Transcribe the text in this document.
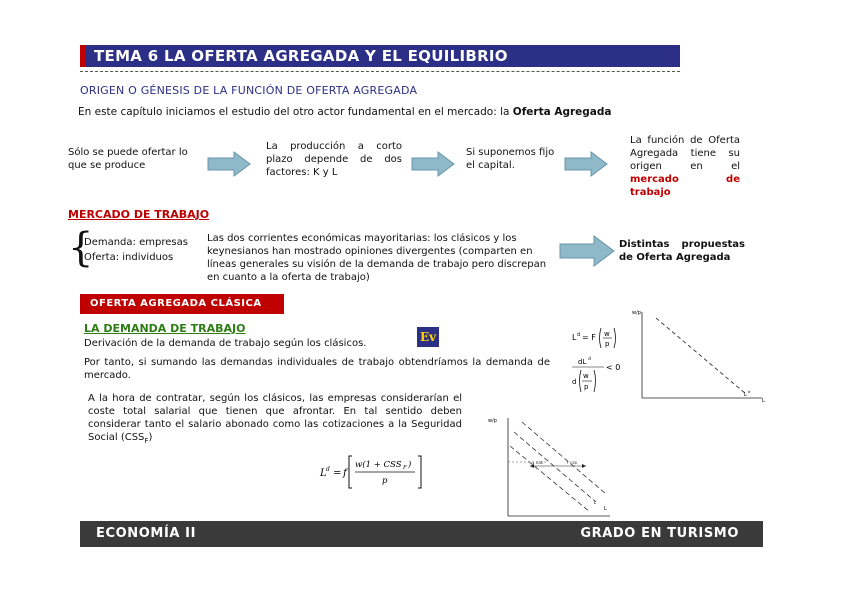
TEMA 6 LA OFERTA AGREGADA Y EL EQUILIBRIO MACROECONÓMICO
ORIGEN O GÉNESIS DE LA FUNCIÓN DE OFERTA AGREGADA
En este capítulo iniciamos el estudio del otro actor fundamental en el mercado: la Oferta Agregada
Sólo se puede ofertar lo que se produce
La producción a corto plazo depende de dos factores: K y L
Si suponemos fijo el capital.
La función de Oferta Agregada tiene su origen en el mercado de trabajo
MERCADO DE TRABAJO
{
Demanda: empresas
Oferta: individuos
Las dos corrientes económicas mayoritarias: los clásicos y los keynesianos han mostrado opiniones divergentes (comparten en líneas generales su visión de la demanda de trabajo pero discrepan en cuanto a la oferta de trabajo)
Distintas propuestas de Oferta Agregada
OFERTA AGREGADA CLÁSICA
LA DEMANDA DE TRABAJO
Derivación de la demanda de trabajo según los clásicos.	Ev
Por tanto, si sumando las demandas individuales de trabajo obtendríamos la demanda de mercado.
A la hora de contratar, según los clásicos, las empresas considerarían el coste total salarial que tienen que afrontar. En tal sentido deben considerar tanto el salario abonado como las cotizaciones a la Seguridad Social $(CSS_F)$
L d = f
w(1 + CSS F )
p
L d = F w
p
dL d
d
w
p
< 0
w/p
L d
L
w/p
↓ CSS	↑ CSS
L
L
ECONOMÍA II	GRADO EN TURISMO
